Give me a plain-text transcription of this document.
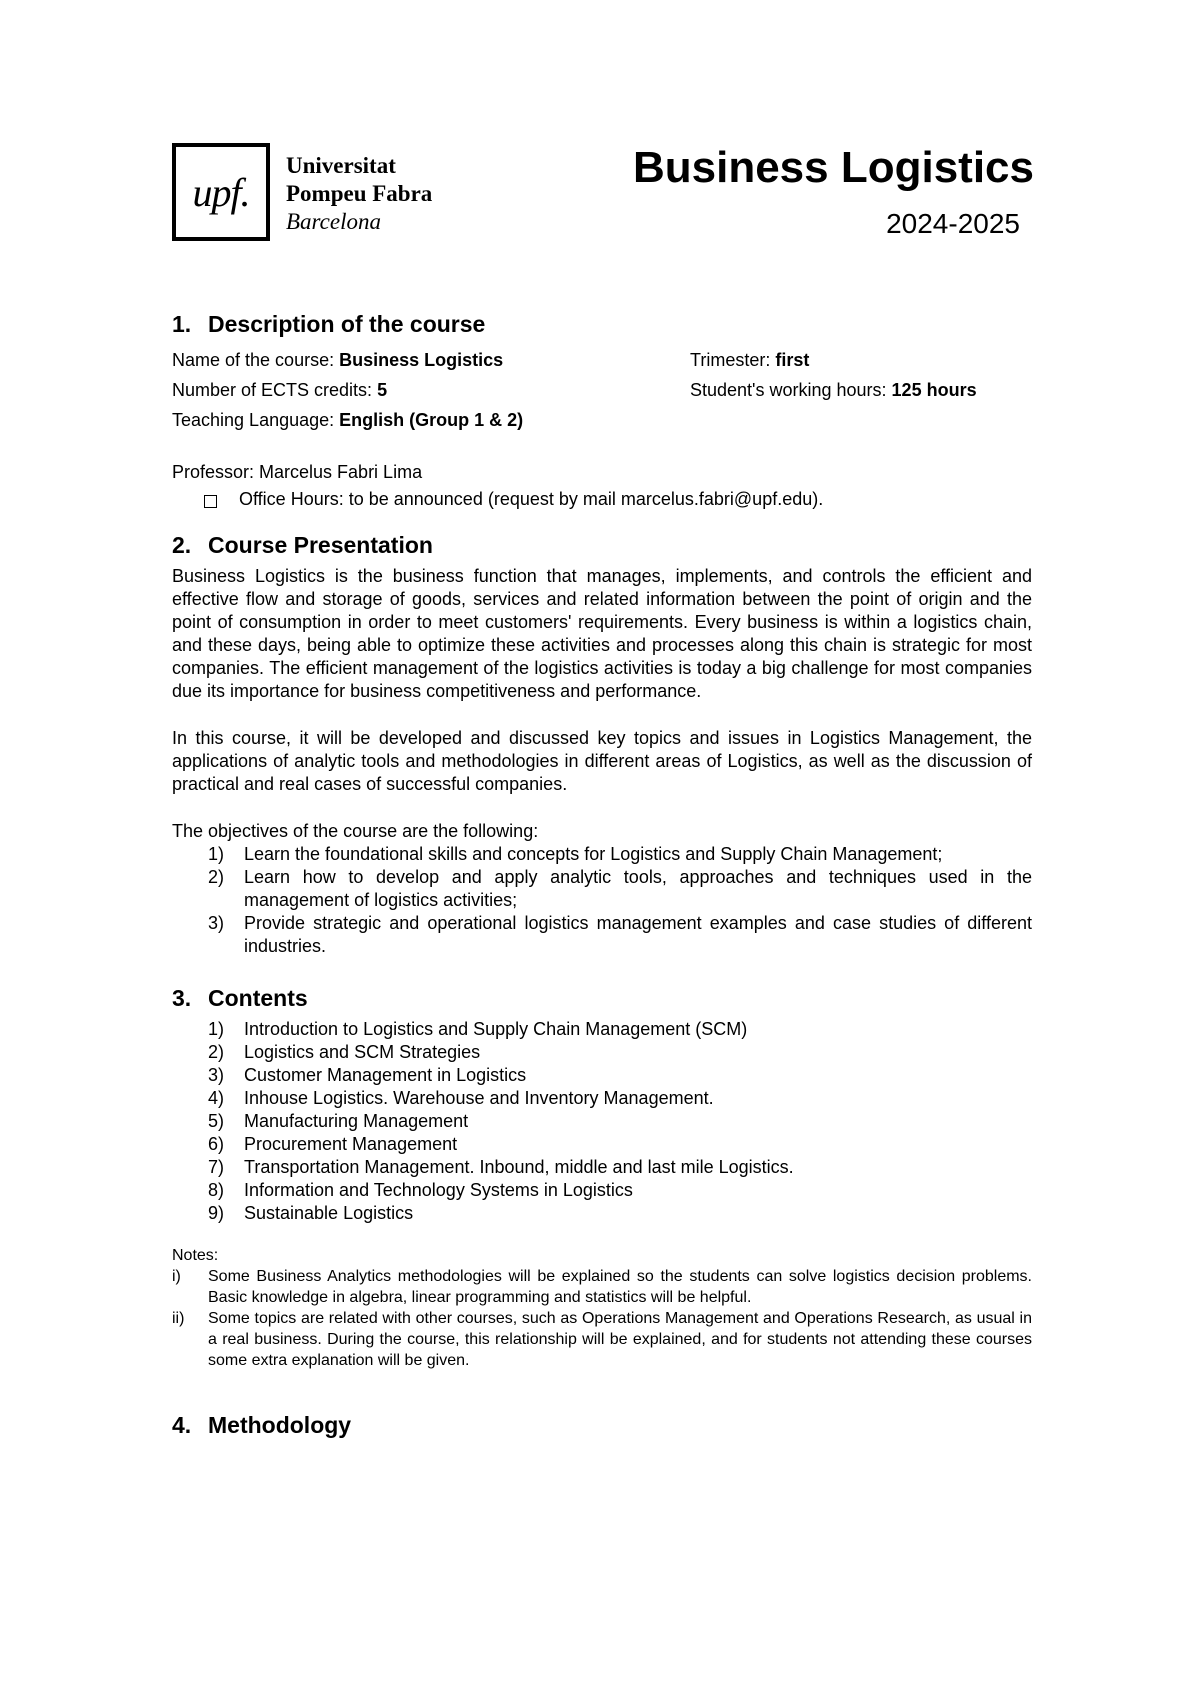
upf.
Universitat
Pompeu Fabra
Barcelona
Business Logistics
2024-2025
1. Description of the course
Name of the course: Business Logistics
Number of ECTS credits: 5
Teaching Language: English (Group 1 & 2)
Trimester: first
Student's working hours: 125 hours

Professor: Marcelus Fabri Lima

Office Hours: to be announced (request by mail marcelus.fabri@upf.edu).
2. Course Presentation

Business Logistics is the business function that manages, implements, and controls the efficient and effective flow and storage of goods, services and related information between the point of origin and the point of consumption in order to meet customers' requirements. Every business is within a logistics chain, and these days, being able to optimize these activities and processes along this chain is strategic for most companies. The efficient management of the logistics activities is today a big challenge for most companies due its importance for business competitiveness and performance.

In this course, it will be developed and discussed key topics and issues in Logistics Management, the applications of analytic tools and methodologies in different areas of Logistics, as well as the discussion of practical and real cases of successful companies.

The objectives of the course are the following:

1)	Learn the foundational skills and concepts for Logistics and Supply Chain Management;
2)	Learn how to develop and apply analytic tools, approaches and techniques used in the management of logistics activities;
3)	Provide strategic and operational logistics management examples and case studies of different industries.
3. Contents
1)	Introduction to Logistics and Supply Chain Management (SCM)
2)	Logistics and SCM Strategies
3)	Customer Management in Logistics
4)	Inhouse Logistics. Warehouse and Inventory Management.
5)	Manufacturing Management
6)	Procurement Management
7)	Transportation Management. Inbound, middle and last mile Logistics.
8)	Information and Technology Systems in Logistics
9)	Sustainable Logistics
Notes:
i)	Some Business Analytics methodologies will be explained so the students can solve logistics decision problems. Basic knowledge in algebra, linear programming and statistics will be helpful.
ii)	Some topics are related with other courses, such as Operations Management and Operations Research, as usual in a real business. During the course, this relationship will be explained, and for students not attending these courses some extra explanation will be given.
4. Methodology
